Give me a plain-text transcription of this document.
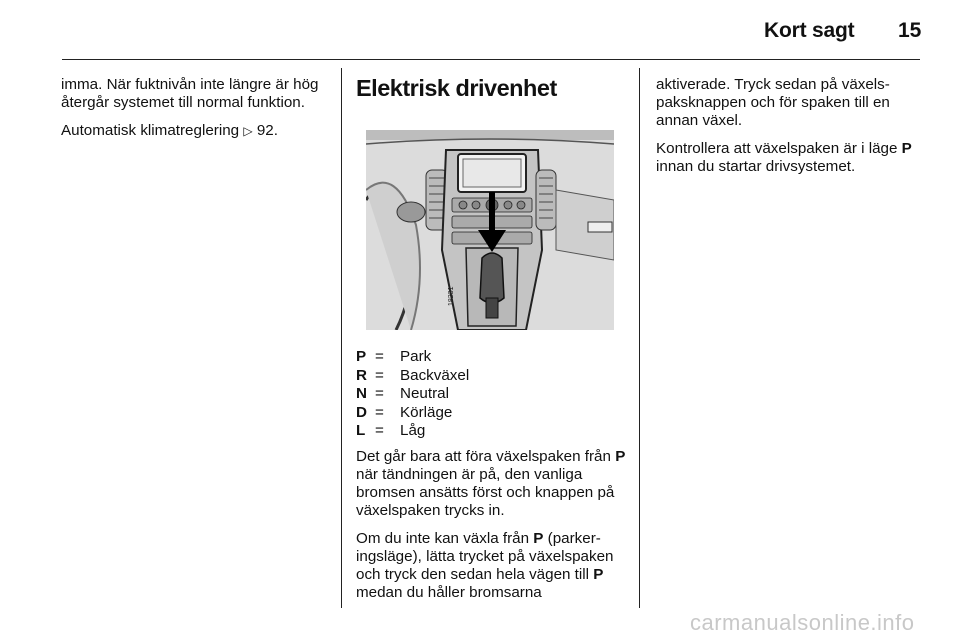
Kort sagt 15

imma. När fuktnivån inte längre är hög återgår systemet till normal funktion.

Automatisk klimatreglering ▷ 92.

Elektrisk drivenhet
18231
P =	Park
R =	Backväxel
N =	Neutral
D =	Körläge
L =	Låg

Det går bara att föra växelspaken från P när tändningen är på, den vanliga bromsen ansätts först och knappen på växelspaken trycks in.

Om du inte kan växla från P (parkeringsläge), lätta trycket på växelspaken och tryck den sedan hela vägen till P medan du håller bromsarna

aktiverade. Tryck sedan på växelspaksknappen och för spaken till en annan växel.

Kontrollera att växelspaken är i läge P innan du startar drivsystemet.

carmanualsonline.info
